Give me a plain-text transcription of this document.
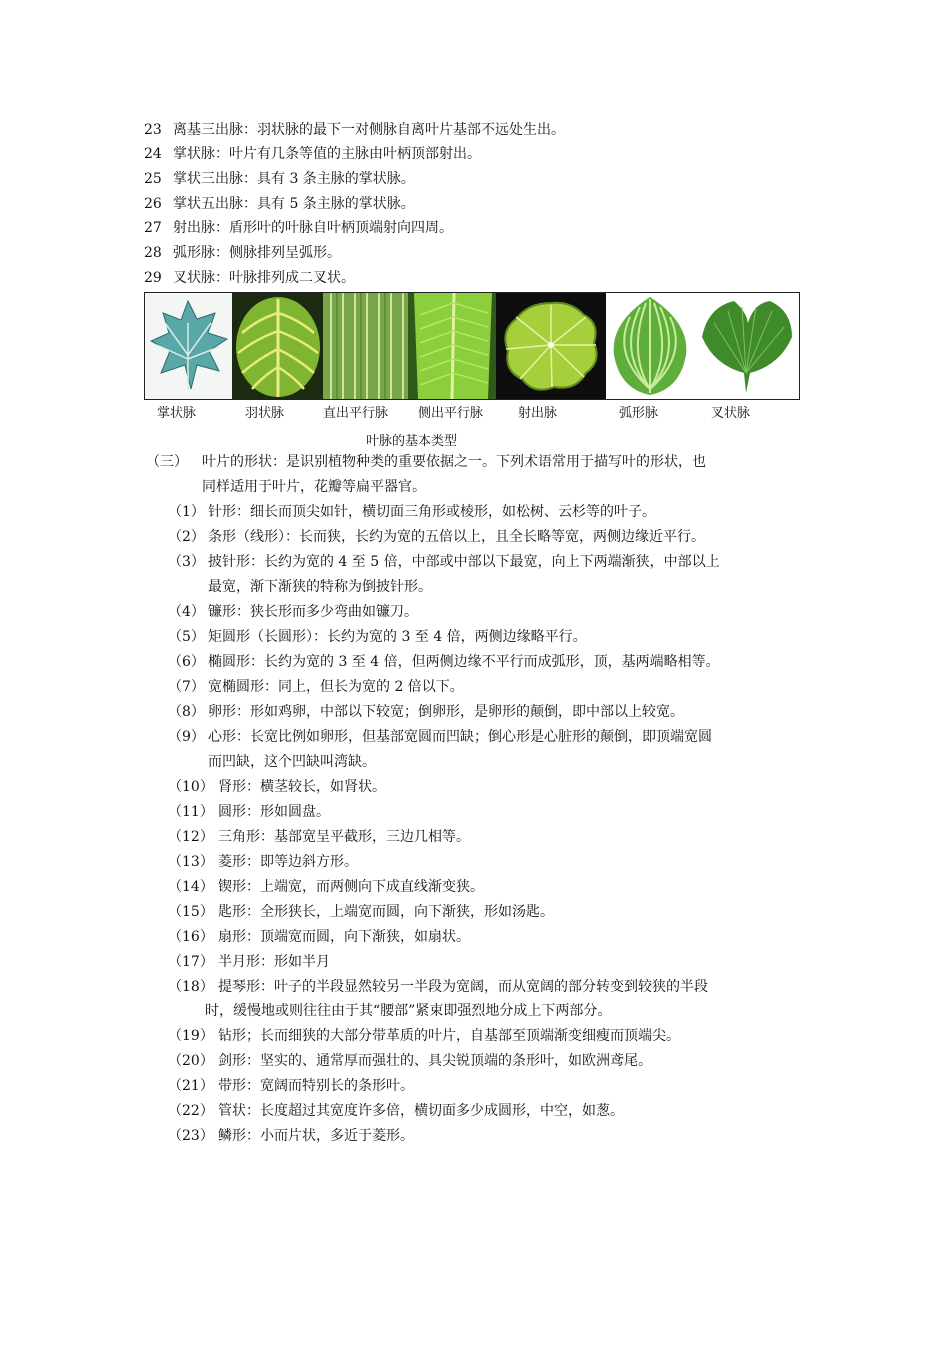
23 离基三出脉：羽状脉的最下一对侧脉自离叶片基部不远处生出。
24 掌状脉：叶片有几条等值的主脉由叶柄顶部射出。
25 掌状三出脉：具有 3 条主脉的掌状脉。
26 掌状五出脉：具有 5 条主脉的掌状脉。
27 射出脉：盾形叶的叶脉自叶柄顶端射向四周。
28 弧形脉：侧脉排列呈弧形。
29 叉状脉：叶脉排列成二叉状。
掌状脉	羽状脉	直出平行脉 侧出平行脉	射出脉	弧形脉	叉状脉
叶脉的基本类型
（三） 叶片的形状：是识别植物种类的重要依据之一。下列术语常用于描写叶的形状，也
同样适用于叶片，花瓣等扁平器官。
（1） 针形：细长而顶尖如针，横切面三角形或棱形，如松树、云杉等的叶子。
（2） 条形（线形）：长而狭，长约为宽的五倍以上，且全长略等宽，两侧边缘近平行。
（3） 披针形：长约为宽的 4 至 5 倍，中部或中部以下最宽，向上下两端渐狭，中部以上
最宽，渐下渐狭的特称为倒披针形。
（4） 镰形：狭长形而多少弯曲如镰刀。
（5） 矩圆形（长圆形）：长约为宽的 3 至 4 倍，两侧边缘略平行。
（6） 椭圆形：长约为宽的 3 至 4 倍，但两侧边缘不平行而成弧形，顶，基两端略相等。
（7） 宽椭圆形：同上，但长为宽的 2 倍以下。
（8） 卵形：形如鸡卵，中部以下较宽；倒卵形，是卵形的颠倒，即中部以上较宽。
（9） 心形：长宽比例如卵形，但基部宽圆而凹缺；倒心形是心脏形的颠倒，即顶端宽圆
而凹缺，这个凹缺叫湾缺。
（10） 肾形：横茎较长，如肾状。
（11） 圆形：形如圆盘。
（12） 三角形：基部宽呈平截形，三边几相等。
（13） 菱形：即等边斜方形。
（14） 锲形：上端宽，而两侧向下成直线渐变狭。
（15） 匙形：全形狭长，上端宽而圆，向下渐狭，形如汤匙。
（16） 扇形：顶端宽而圆，向下渐狭，如扇状。
（17） 半月形：形如半月
（18） 提琴形：叶子的半段显然较另一半段为宽阔，而从宽阔的部分转变到较狭的半段
时，缓慢地或则往往由于其“腰部”紧束即强烈地分成上下两部分。
（19） 钻形；长而细狭的大部分带革质的叶片，自基部至顶端渐变细瘦而顶端尖。
（20） 剑形：坚实的、通常厚而强壮的、具尖锐顶端的条形叶，如欧洲鸢尾。
（21） 带形：宽阔而特别长的条形叶。
（22） 管状：长度超过其宽度许多倍，横切面多少成圆形，中空，如葱。
（23） 鳞形：小而片状，多近于菱形。
